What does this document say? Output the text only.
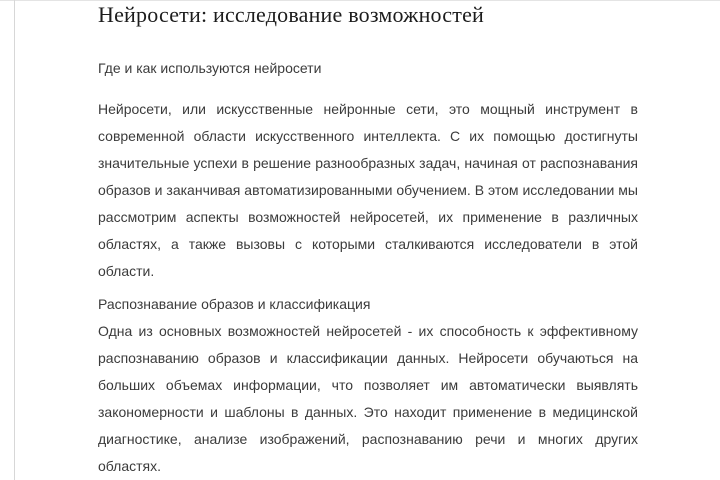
Нейросети: исследование возможностей
Где и как используются нейросети

Нейросети, или искусственные нейронные сети, это мощный инструмент в современной области искусственного интеллекта. С их помощью достигнуты значительные успехи в решение разнообразных задач, начиная от распознавания образов и заканчивая автоматизированными обучением. В этом исследовании мы рассмотрим аспекты возможностей нейросетей, их применение в различных областях, а также вызовы с которыми сталкиваются исследователи в этой области.

Распознавание образов и классификация

Одна из основных возможностей нейросетей - их способность к эффективному распознаванию образов и классификации данных. Нейросети обучаються на больших объемах информации, что позволяет им автоматически выявлять закономерности и шаблоны в данных. Это находит применение в медицинской диагностике, анализе изображений, распознаванию речи и многих других областях.
